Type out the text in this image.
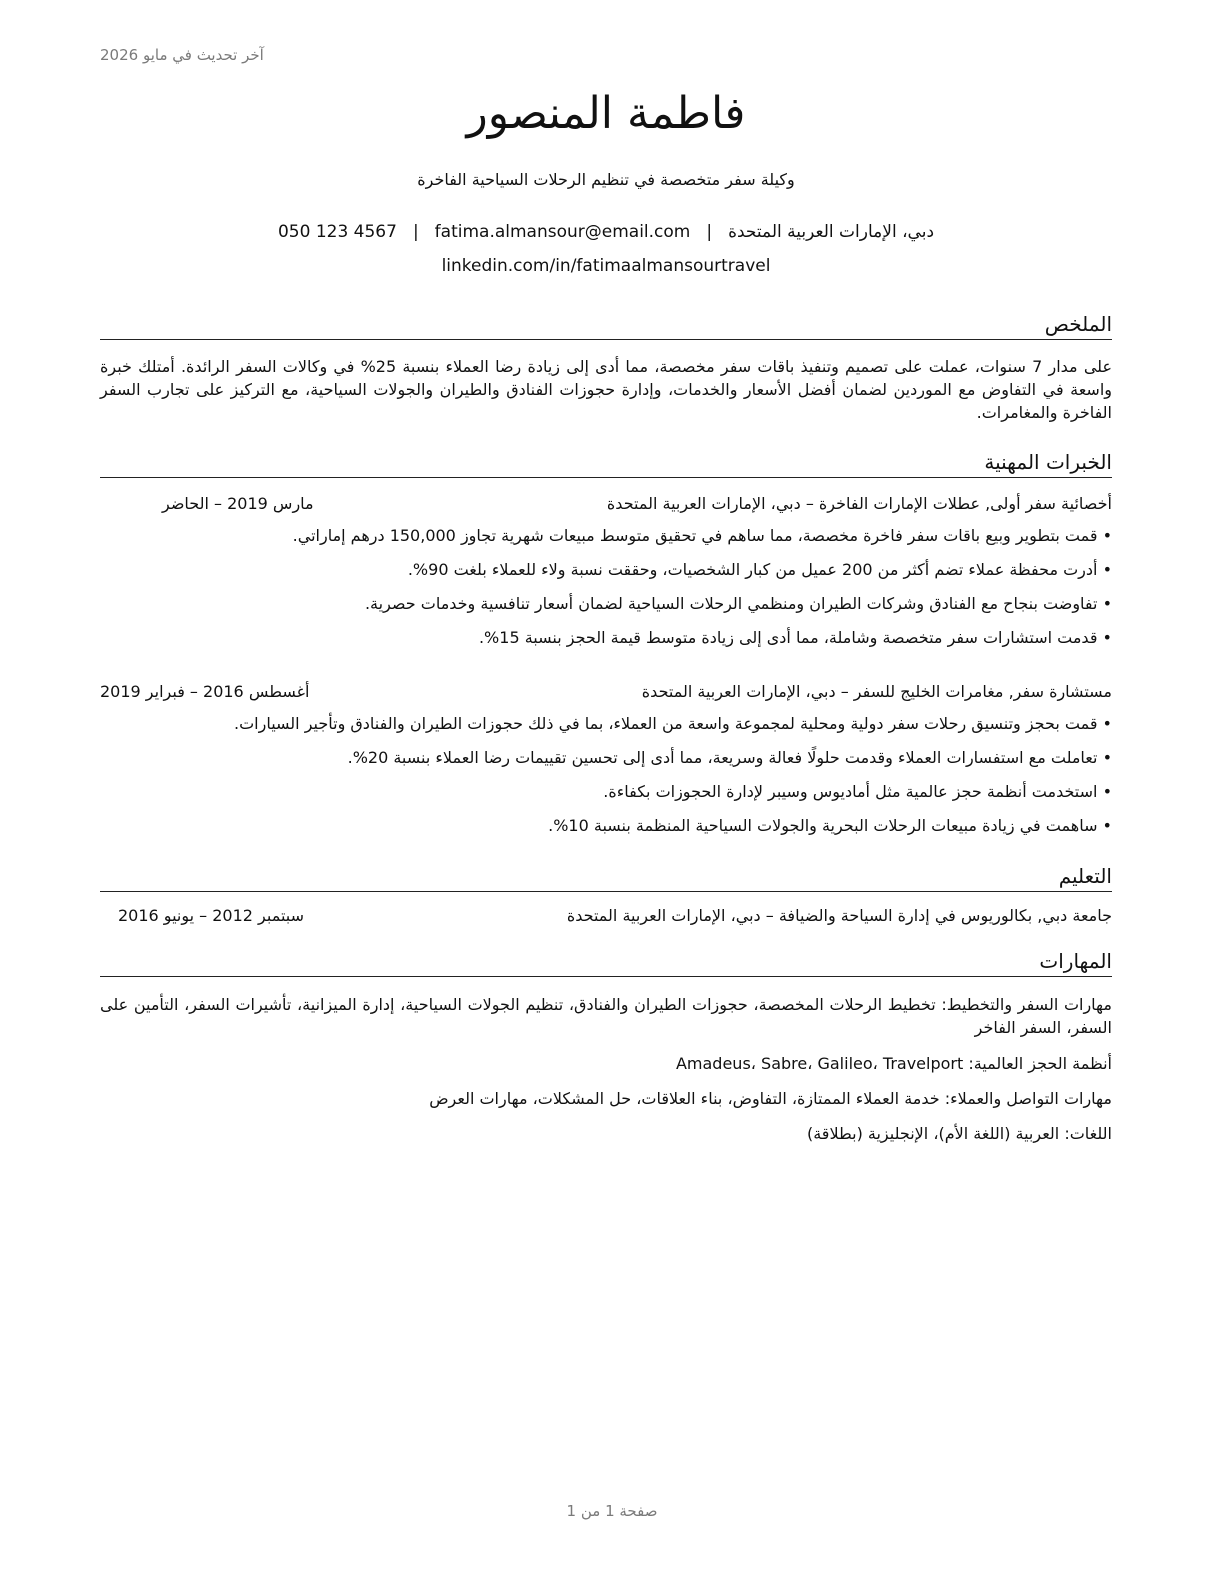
آخر تحديث في مايو 2026
فاطمة المنصور
وكيلة سفر متخصصة في تنظيم الرحلات السياحية الفاخرة
دبي، الإمارات العربية المتحدة|fatima.almansour@email.com|050 123 4567
linkedin.com/in/fatimaalmansourtravel
الملخص
على مدار 7 سنوات، عملت على تصميم وتنفيذ باقات سفر مخصصة، مما أدى إلى زيادة رضا العملاء بنسبة 25% في وكالات السفر الرائدة. أمتلك خبرة واسعة في التفاوض مع الموردين لضمان أفضل الأسعار والخدمات، وإدارة حجوزات الفنادق والطيران والجولات السياحية، مع التركيز على تجارب السفر الفاخرة والمغامرات.
الخبرات المهنية
أخصائية سفر أولى, عطلات الإمارات الفاخرة – دبي، الإمارات العربية المتحدة
مارس 2019 – الحاضر
• قمت بتطوير وبيع باقات سفر فاخرة مخصصة، مما ساهم في تحقيق متوسط مبيعات شهرية تجاوز 150,000 درهم إماراتي.
• أدرت محفظة عملاء تضم أكثر من 200 عميل من كبار الشخصيات، وحققت نسبة ولاء للعملاء بلغت 90%.
• تفاوضت بنجاح مع الفنادق وشركات الطيران ومنظمي الرحلات السياحية لضمان أسعار تنافسية وخدمات حصرية.
• قدمت استشارات سفر متخصصة وشاملة، مما أدى إلى زيادة متوسط قيمة الحجز بنسبة 15%.
مستشارة سفر, مغامرات الخليج للسفر – دبي، الإمارات العربية المتحدة
أغسطس 2016 – فبراير 2019
• قمت بحجز وتنسيق رحلات سفر دولية ومحلية لمجموعة واسعة من العملاء، بما في ذلك حجوزات الطيران والفنادق وتأجير السيارات.
• تعاملت مع استفسارات العملاء وقدمت حلولًا فعالة وسريعة، مما أدى إلى تحسين تقييمات رضا العملاء بنسبة 20%.
• استخدمت أنظمة حجز عالمية مثل أماديوس وسيبر لإدارة الحجوزات بكفاءة.
• ساهمت في زيادة مبيعات الرحلات البحرية والجولات السياحية المنظمة بنسبة 10%.
التعليم
جامعة دبي, بكالوريوس في إدارة السياحة والضيافة – دبي، الإمارات العربية المتحدة
سبتمبر 2012 – يونيو 2016
المهارات
مهارات السفر والتخطيط: تخطيط الرحلات المخصصة، حجوزات الطيران والفنادق، تنظيم الجولات السياحية، إدارة الميزانية، تأشيرات السفر، التأمين على السفر، السفر الفاخر
أنظمة الحجز العالمية: Amadeus، Sabre، Galileo، Travelport
مهارات التواصل والعملاء: خدمة العملاء الممتازة، التفاوض، بناء العلاقات، حل المشكلات، مهارات العرض
اللغات: العربية (اللغة الأم)، الإنجليزية (بطلاقة)
صفحة 1 من 1
